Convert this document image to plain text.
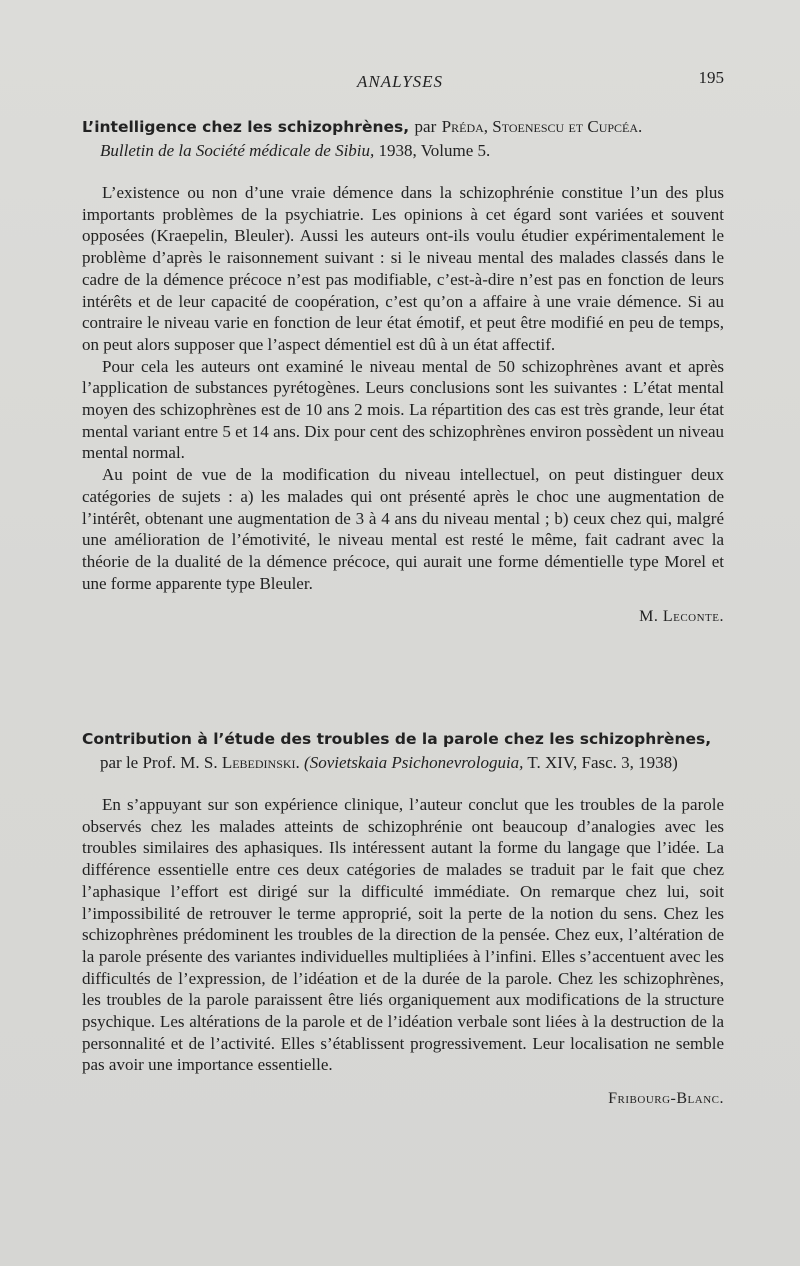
ANALYSES	195

L’intelligence chez les schizophrènes, par Préda, Stoenescu et Cupcéa.

Bulletin de la Société médicale de Sibiu, 1938, Volume 5.

L’existence ou non d’une vraie démence dans la schizophrénie constitue l’un des plus importants problèmes de la psychiatrie. Les opinions à cet égard sont variées et souvent opposées (Kraepelin, Bleuler). Aussi les auteurs ont-ils voulu étudier expérimentalement le problème d’après le raisonnement suivant : si le niveau mental des malades classés dans le cadre de la démence précoce n’est pas modifiable, c’est-à-dire n’est pas en fonction de leurs intérêts et de leur capacité de coopération, c’est qu’on a affaire à une vraie démence. Si au contraire le niveau varie en fonction de leur état émotif, et peut être modifié en peu de temps, on peut alors supposer que l’aspect démentiel est dû à un état affectif.

Pour cela les auteurs ont examiné le niveau mental de 50 schizophrènes avant et après l’application de substances pyrétogènes. Leurs conclusions sont les suivantes : L’état mental moyen des schizophrènes est de 10 ans 2 mois. La répartition des cas est très grande, leur état mental variant entre 5 et 14 ans. Dix pour cent des schizophrènes environ possèdent un niveau mental normal.

Au point de vue de la modification du niveau intellectuel, on peut distinguer deux catégories de sujets : a) les malades qui ont présenté après le choc une augmentation de l’intérêt, obtenant une augmentation de 3 à 4 ans du niveau mental ; b) ceux chez qui, malgré une amélioration de l’émotivité, le niveau mental est resté le même, fait cadrant avec la théorie de la dualité de la démence précoce, qui aurait une forme démentielle type Morel et une forme apparente type Bleuler.

M. Leconte.

Contribution à l’étude des troubles de la parole chez les schizophrènes,

par le Prof. M. S. Lebedinski. (Sovietskaia Psichonevrologuia, T. XIV, Fasc. 3, 1938)

En s’appuyant sur son expérience clinique, l’auteur conclut que les troubles de la parole observés chez les malades atteints de schizophrénie ont beaucoup d’analogies avec les troubles similaires des aphasiques. Ils intéressent autant la forme du langage que l’idée. La différence essentielle entre ces deux catégories de malades se traduit par le fait que chez l’aphasique l’effort est dirigé sur la difficulté immédiate. On remarque chez lui, soit l’impossibilité de retrouver le terme approprié, soit la perte de la notion du sens. Chez les schizophrènes prédominent les troubles de la direction de la pensée. Chez eux, l’altération de la parole présente des variantes individuelles multipliées à l’infini. Elles s’accentuent avec les difficultés de l’expression, de l’idéation et de la durée de la parole. Chez les schizophrènes, les troubles de la parole paraissent être liés organiquement aux modifications de la structure psychique. Les altérations de la parole et de l’idéation verbale sont liées à la destruction de la personnalité et de l’activité. Elles s’établissent progressivement. Leur localisation ne semble pas avoir une importance essentielle.

Fribourg-Blanc.
